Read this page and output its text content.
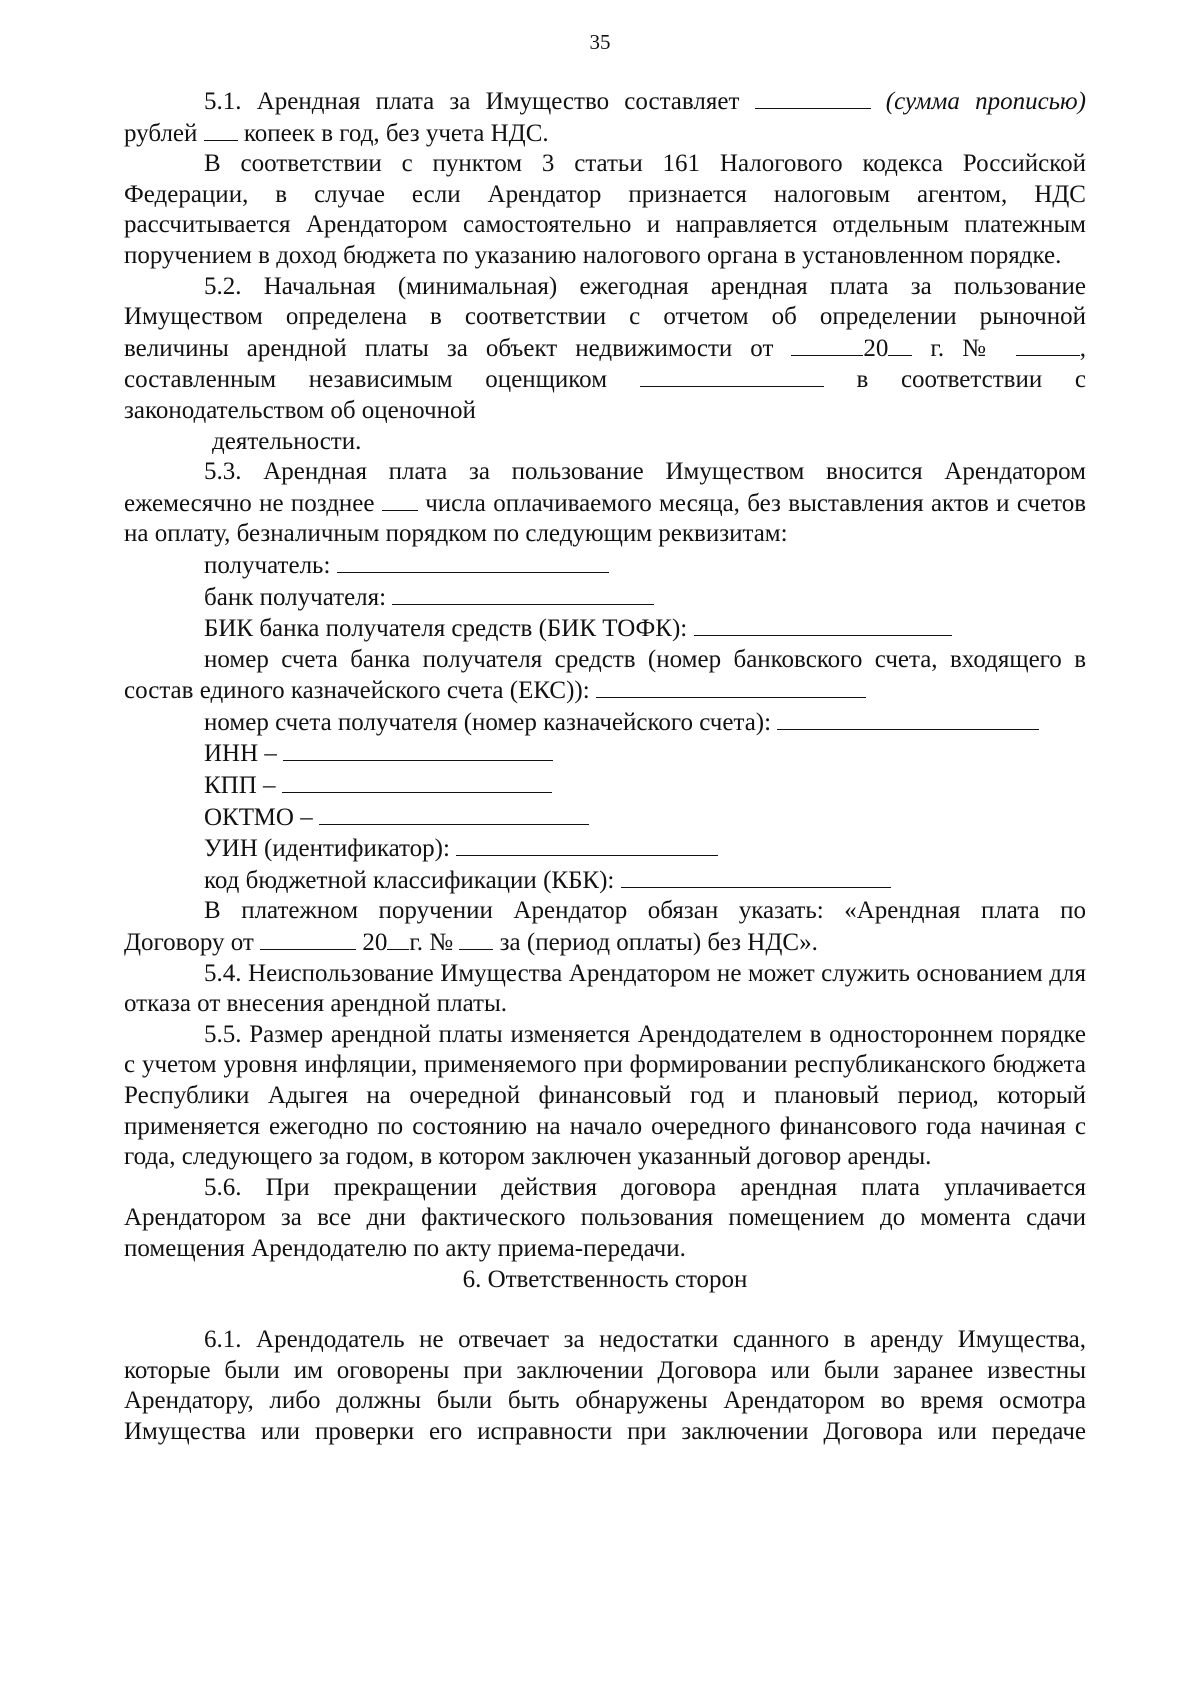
35

5.1. Арендная плата за Имущество составляет	(сумма прописью)

рублей копеек в год, без учета НДС.

В соответствии с пунктом 3 статьи 161 Налогового кодекса Российской Федерации, в случае если Арендатор признается налоговым агентом, НДС рассчитывается Арендатором самостоятельно и направляется отдельным платежным поручением в доход бюджета по указанию налогового органа в установленном порядке.

5.2. Начальная (минимальная) ежегодная арендная плата за пользование

Имуществом определена в соответствии с отчетом об определении рыночной

величины арендной платы за объект недвижимости от	20 г. №	,

составленным независимым оценщиком	в соответствии с

законодательством об оценочной

деятельности.

5.3. Арендная плата за пользование Имуществом вносится Арендатором ежемесячно не позднее числа оплачиваемого месяца, без выставления актов и счетов на оплату, безналичным порядком по следующим реквизитам:

получатель:

банк получателя:

БИК банка получателя средств (БИК ТОФК):

номер счета банка получателя средств (номер банковского счета, входящего в

состав единого казначейского счета (ЕКС)):

номер счета получателя (номер казначейского счета):

ИНН –

КПП –

ОКТМО –

УИН (идентификатор):

код бюджетной классификации (КБК):

В платежном поручении Арендатор обязан указать: «Арендная плата по

Договору от	20 г. № за (период оплаты) без НДС».

5.4. Неиспользование Имущества Арендатором не может служить основанием для отказа от внесения арендной платы.

5.5. Размер арендной платы изменяется Арендодателем в одностороннем порядке с учетом уровня инфляции, применяемого при формировании республиканского бюджета Республики Адыгея на очередной финансовый год и плановый период, который применяется ежегодно по состоянию на начало очередного финансового года начиная с года, следующего за годом, в котором заключен указанный договор аренды.

5.6. При прекращении действия договора арендная плата уплачивается Арендатором за все дни фактического пользования помещением до момента сдачи помещения Арендодателю по акту приема-передачи.

6. Ответственность сторон

6.1. Арендодатель не отвечает за недостатки сданного в аренду Имущества, которые были им оговорены при заключении Договора или были заранее известны Арендатору, либо должны были быть обнаружены Арендатором во время осмотра Имущества или проверки его исправности при заключении Договора или передаче
